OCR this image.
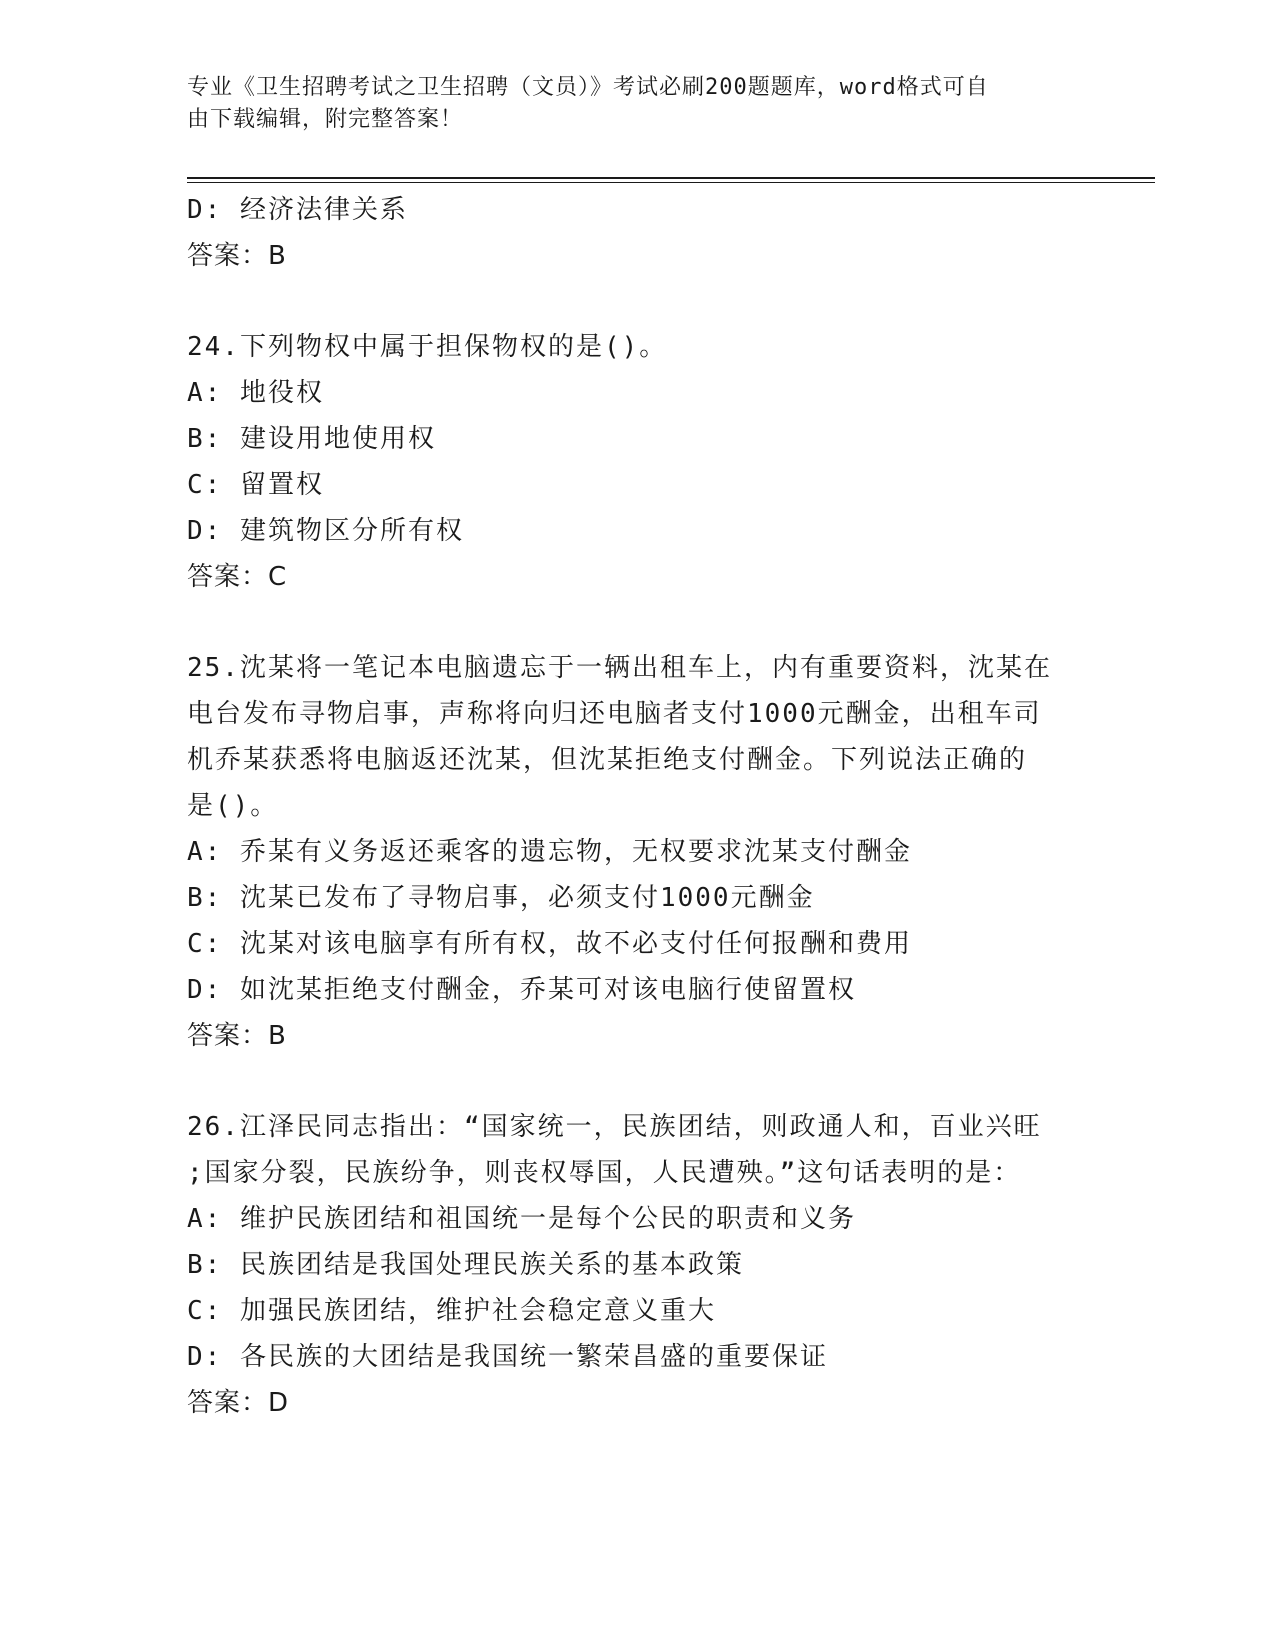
专业《卫生招聘考试之卫生招聘（文员）》考试必刷200题题库，word格式可自
由下载编辑，附完整答案！
D: 经济法律关系
答案：B
24.下列物权中属于担保物权的是()。
A: 地役权
B: 建设用地使用权
C: 留置权
D: 建筑物区分所有权
答案：C
25.沈某将一笔记本电脑遗忘于一辆出租车上，内有重要资料，沈某在
电台发布寻物启事，声称将向归还电脑者支付1000元酬金，出租车司
机乔某获悉将电脑返还沈某，但沈某拒绝支付酬金。下列说法正确的
是()。
A: 乔某有义务返还乘客的遗忘物，无权要求沈某支付酬金
B: 沈某已发布了寻物启事，必须支付1000元酬金
C: 沈某对该电脑享有所有权，故不必支付任何报酬和费用
D: 如沈某拒绝支付酬金，乔某可对该电脑行使留置权
答案：B
26.江泽民同志指出：“国家统一，民族团结，则政通人和，百业兴旺
;国家分裂，民族纷争，则丧权辱国，人民遭殃。”这句话表明的是：
A: 维护民族团结和祖国统一是每个公民的职责和义务
B: 民族团结是我国处理民族关系的基本政策
C: 加强民族团结，维护社会稳定意义重大
D: 各民族的大团结是我国统一繁荣昌盛的重要保证
答案：D
